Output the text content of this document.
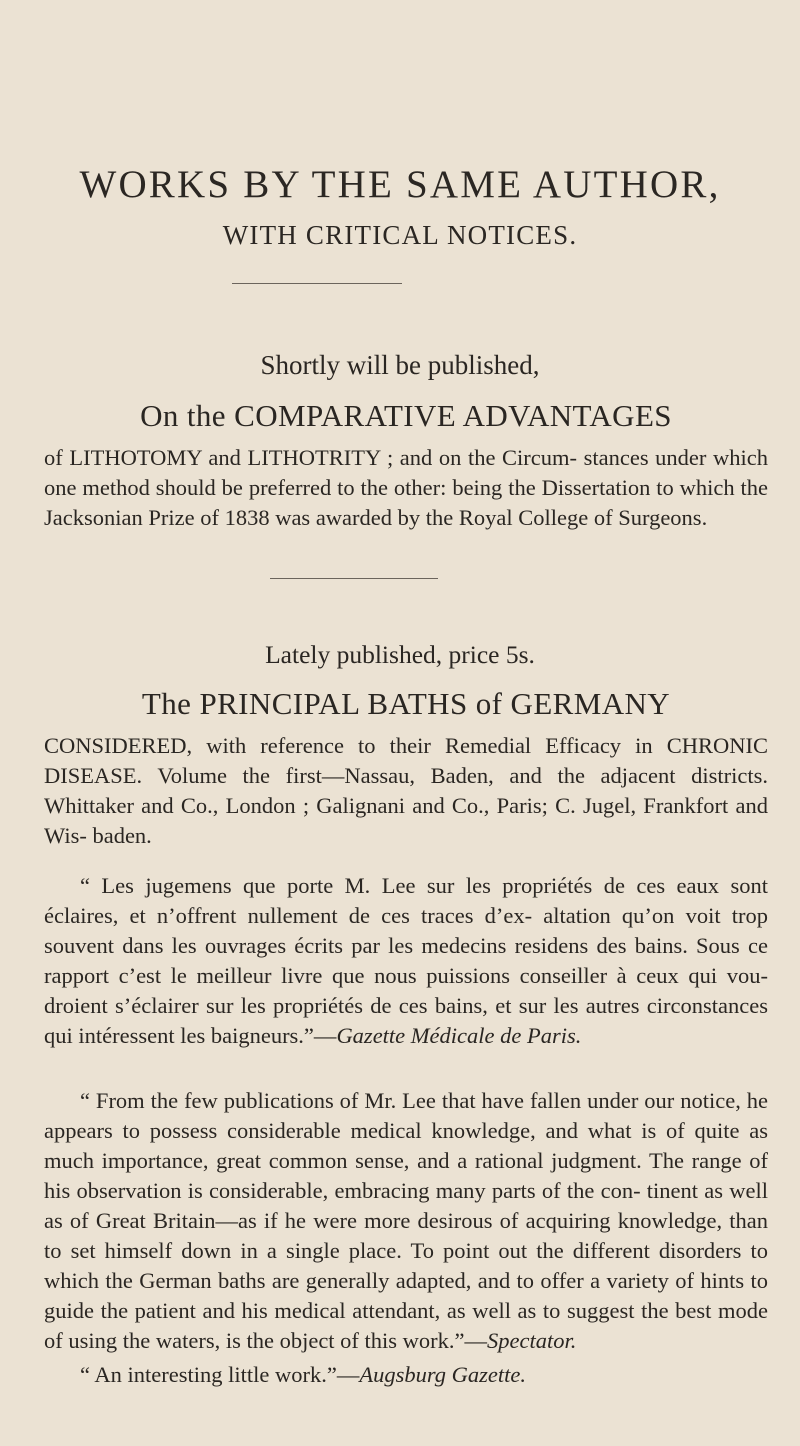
WORKS BY THE SAME AUTHOR,
WITH CRITICAL NOTICES.
Shortly will be published,
On the COMPARATIVE ADVANTAGES

of LITHOTOMY and LITHOTRITY ; and on the Circum- stances under which one method should be preferred to the other: being the Dissertation to which the Jacksonian Prize of 1838 was awarded by the Royal College of Surgeons.

Lately published, price 5s.
The PRINCIPAL BATHS of GERMANY

CONSIDERED, with reference to their Remedial Efficacy in CHRONIC DISEASE. Volume the first—Nassau, Baden, and the adjacent districts. Whittaker and Co., London ; Galignani and Co., Paris; C. Jugel, Frankfort and Wis- baden.

“ Les jugemens que porte M. Lee sur les propriétés de ces eaux sont éclaires, et n’offrent nullement de ces traces d’ex- altation qu’on voit trop souvent dans les ouvrages écrits par les medecins residens des bains. Sous ce rapport c’est le meilleur livre que nous puissions conseiller à ceux qui vou- droient s’éclairer sur les propriétés de ces bains, et sur les autres circonstances qui intéressent les baigneurs.”—Gazette Médicale de Paris.

“ From the few publications of Mr. Lee that have fallen under our notice, he appears to possess considerable medical knowledge, and what is of quite as much importance, great common sense, and a rational judgment. The range of his observation is considerable, embracing many parts of the con- tinent as well as of Great Britain—as if he were more desirous of acquiring knowledge, than to set himself down in a single place. To point out the different disorders to which the German baths are generally adapted, and to offer a variety of hints to guide the patient and his medical attendant, as well as to suggest the best mode of using the waters, is the object of this work.”—Spectator.

“ An interesting little work.”—Augsburg Gazette.
